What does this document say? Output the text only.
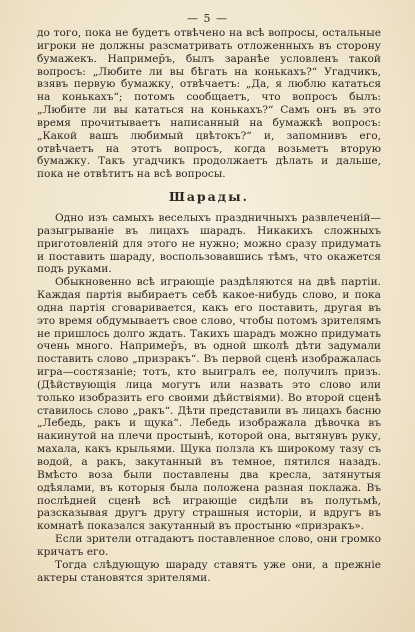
— 5 —

до того, пока не будетъ отвѣчено на всѣ вопросы, остальные игроки не должны разсматривать отложенныхъ въ сторону бумажекъ. Например̆ъ, былъ заранѣе условленъ такой вопросъ: „Любите ли вы бѣгать на конькахъ?“ Угадчикъ, взявъ первую бумажку, отвѣчаетъ: „Да, я люблю кататься на конькахъ“; потомъ сообщаетъ, что вопросъ былъ: „Любите ли вы кататься на конькахъ?“ Самъ онъ въ это время прочитываетъ написанный на бумажкѣ вопросъ: „Какой вашъ любимый цвѣтокъ?“ и, запомнивъ его, отвѣчаетъ на этотъ вопросъ, когда возьметъ вторую бумажку. Такъ угадчикъ продолжаетъ дѣлать и дальше, пока не отвѣтитъ на всѣ вопросы.

Шарады.

Одно изъ самыхъ веселыхъ праздничныхъ развлеченій—разыгрываніе въ лицахъ шарадъ. Никакихъ сложныхъ приготовленій для этого не нужно; можно сразу придумать и поставить шараду, воспользовавшись тѣмъ, что окажется подъ руками.

Обыкновенно всѣ играющіе раздѣляются на двѣ партіи. Каждая партія выбираетъ себѣ какое-нибудь слово, и пока одна партія сговаривается, какъ его поставить, другая въ это время обдумываетъ свое слово, чтобы потомъ зрителямъ не пришлось долго ждать. Такихъ шарадъ можно придумать очень много. Например̆ъ, въ одной школѣ дѣти задумали поставить слово „призракъ“. Въ первой сценѣ изображалась игра—состязаніе; тотъ, кто выигралъ ее, получилъ призъ. (Дѣйствующія лица могутъ или назвать это слово или только изобразить его своими дѣйствіями). Во второй сценѣ ставилось слово „ракъ“. Дѣти представили въ лицахъ басню „Лебедь, ракъ и щука“. Лебедь изображала дѣвочка въ накинутой на плечи простынѣ, которой она, вытянувъ руку, махала, какъ крыльями. Щука ползла къ широкому тазу съ водой, а ракъ, закутанный въ темное, пятился назадъ. Вмѣсто воза были поставлены два кресла, затянутыя одѣялами, въ которыя была положена разная поклажа. Въ послѣдней сценѣ всѣ играющіе сидѣли въ полутьмѣ, разсказывая другъ другу страшныя исторіи, и вдругъ въ комнатѣ показался закутанный въ простыню «призракъ».

Если зрители отгадаютъ поставленное слово, они громко кричатъ его.

Тогда слѣдующую шараду ставятъ уже они, а прежніе актеры становятся зрителями.
